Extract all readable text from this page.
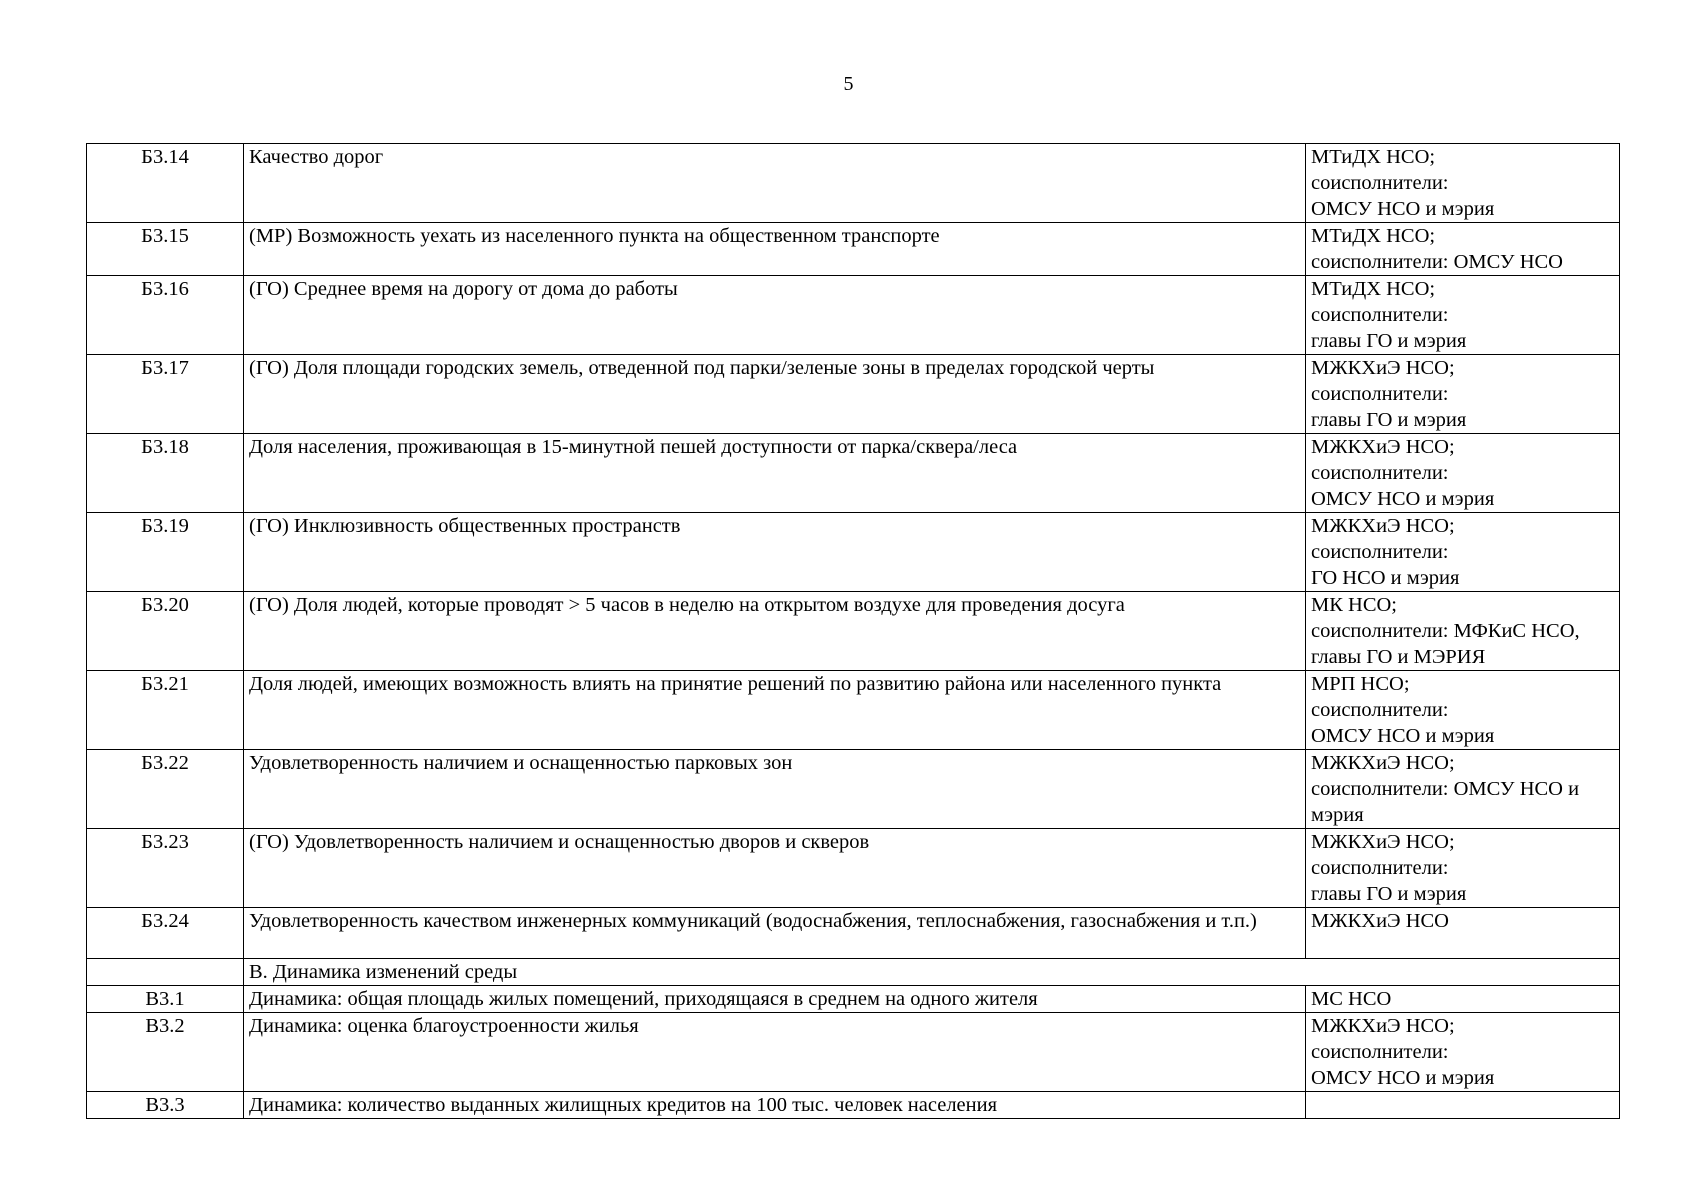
5
Б3.14	Качество дорог	МТиДХ НСО;
соисполнители:
ОМСУ НСО и мэрия

Б3.15	(МР) Возможность уехать из населенного пункта на общественном транспорте	МТиДХ НСО;
соисполнители: ОМСУ НСО

Б3.16	(ГО) Среднее время на дорогу от дома до работы	МТиДХ НСО;
соисполнители:
главы ГО и мэрия

Б3.17	(ГО) Доля площади городских земель, отведенной под парки/зеленые зоны в пределах городской черты	МЖКХиЭ НСО;
соисполнители:
главы ГО и мэрия

Б3.18	Доля населения, проживающая в 15-минутной пешей доступности от парка/сквера/леса	МЖКХиЭ НСО;
соисполнители:
ОМСУ НСО и мэрия

Б3.19	(ГО) Инклюзивность общественных пространств	МЖКХиЭ НСО;
соисполнители:
ГО НСО и мэрия

Б3.20	(ГО) Доля людей, которые проводят > 5 часов в неделю на открытом воздухе для проведения досуга	МК НСО;
соисполнители: МФКиС НСО,
главы ГО и МЭРИЯ

Б3.21	Доля людей, имеющих возможность влиять на принятие решений по развитию района или населенного пункта	МРП НСО;
соисполнители:
ОМСУ НСО и мэрия

Б3.22	Удовлетворенность наличием и оснащенностью парковых зон	МЖКХиЭ НСО;
соисполнители: ОМСУ НСО и
мэрия

Б3.23	(ГО) Удовлетворенность наличием и оснащенностью дворов и скверов	МЖКХиЭ НСО;
соисполнители:
главы ГО и мэрия

Б3.24	Удовлетворенность качеством инженерных коммуникаций (водоснабжения, теплоснабжения, газоснабжения и т.п.)	МЖКХиЭ НСО

	В. Динамика изменений среды	
В3.1	Динамика: общая площадь жилых помещений, приходящаяся в среднем на одного жителя	МС НСО

В3.2	Динамика: оценка благоустроенности жилья	МЖКХиЭ НСО;
соисполнители:
ОМСУ НСО и мэрия

В3.3	Динамика: количество выданных жилищных кредитов на 100 тыс. человек населения	
